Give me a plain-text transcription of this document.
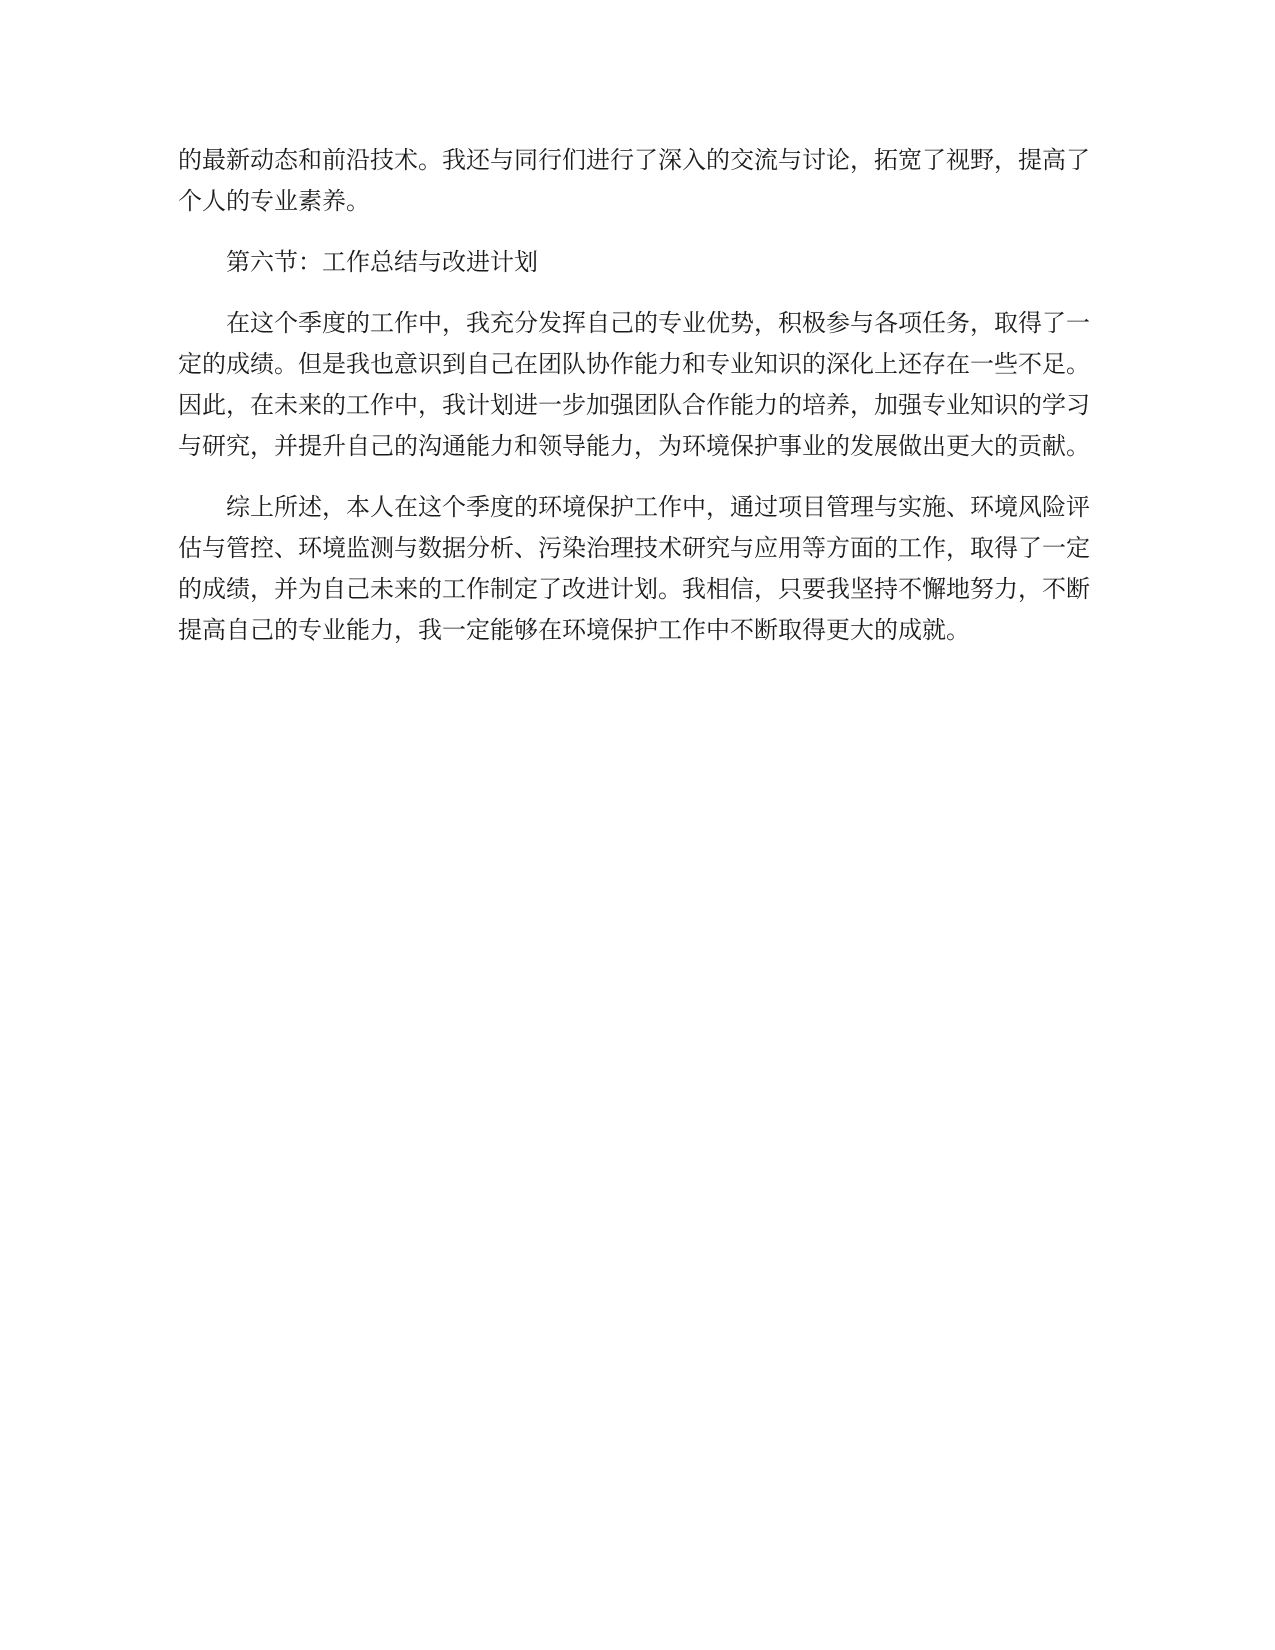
的最新动态和前沿技术。我还与同行们进行了深入的交流与讨论，拓宽了视野，提高了个人的专业素养。

第六节：工作总结与改进计划

在这个季度的工作中，我充分发挥自己的专业优势，积极参与各项任务，取得了一定的成绩。但是我也意识到自己在团队协作能力和专业知识的深化上还存在一些不足。因此，在未来的工作中，我计划进一步加强团队合作能力的培养，加强专业知识的学习与研究，并提升自己的沟通能力和领导能力，为环境保护事业的发展做出更大的贡献。

综上所述，本人在这个季度的环境保护工作中，通过项目管理与实施、环境风险评估与管控、环境监测与数据分析、污染治理技术研究与应用等方面的工作，取得了一定的成绩，并为自己未来的工作制定了改进计划。我相信，只要我坚持不懈地努力，不断提高自己的专业能力，我一定能够在环境保护工作中不断取得更大的成就。
